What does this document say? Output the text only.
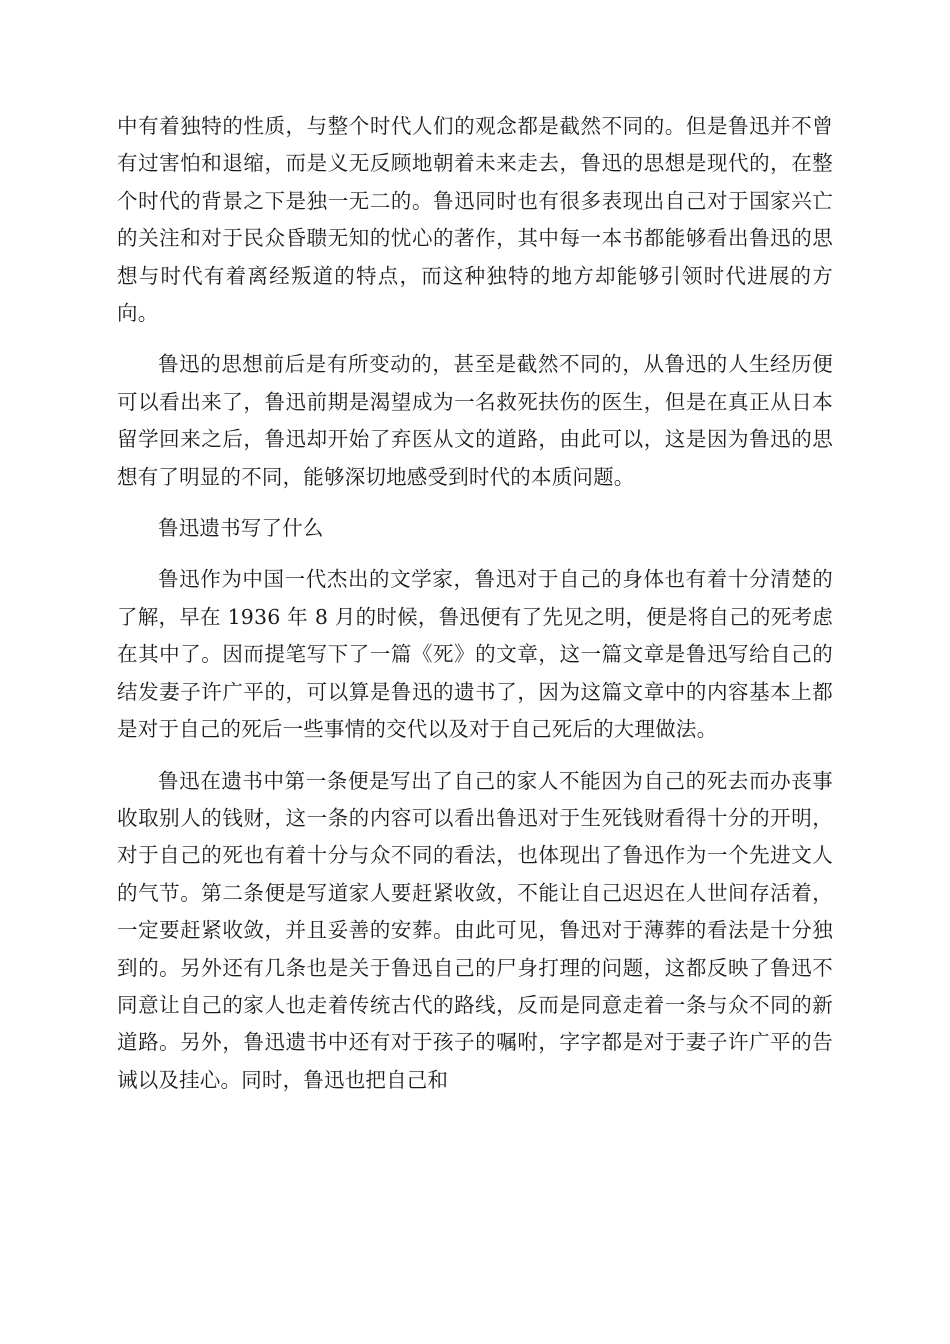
中有着独特的性质，与整个时代人们的观念都是截然不同的。但是鲁迅并不曾有过害怕和退缩，而是义无反顾地朝着未来走去，鲁迅的思想是现代的，在整个时代的背景之下是独一无二的。鲁迅同时也有很多表现出自己对于国家兴亡的关注和对于民众昏聩无知的忧心的著作，其中每一本书都能够看出鲁迅的思想与时代有着离经叛道的特点，而这种独特的地方却能够引领时代进展的方向。

鲁迅的思想前后是有所变动的，甚至是截然不同的，从鲁迅的人生经历便可以看出来了，鲁迅前期是渴望成为一名救死扶伤的医生，但是在真正从日本留学回来之后，鲁迅却开始了弃医从文的道路，由此可以，这是因为鲁迅的思想有了明显的不同，能够深切地感受到时代的本质问题。

鲁迅遗书写了什么

鲁迅作为中国一代杰出的文学家，鲁迅对于自己的身体也有着十分清楚的了解，早在 1936 年 8 月的时候，鲁迅便有了先见之明，便是将自己的死考虑在其中了。因而提笔写下了一篇《死》的文章，这一篇文章是鲁迅写给自己的结发妻子许广平的，可以算是鲁迅的遗书了，因为这篇文章中的内容基本上都是对于自己的死后一些事情的交代以及对于自己死后的大理做法。

鲁迅在遗书中第一条便是写出了自己的家人不能因为自己的死去而办丧事收取别人的钱财，这一条的内容可以看出鲁迅对于生死钱财看得十分的开明，对于自己的死也有着十分与众不同的看法，也体现出了鲁迅作为一个先进文人的气节。第二条便是写道家人要赶紧收敛，不能让自己迟迟在人世间存活着，一定要赶紧收敛，并且妥善的安葬。由此可见，鲁迅对于薄葬的看法是十分独到的。另外还有几条也是关于鲁迅自己的尸身打理的问题，这都反映了鲁迅不同意让自己的家人也走着传统古代的路线，反而是同意走着一条与众不同的新道路。另外，鲁迅遗书中还有对于孩子的嘱咐，字字都是对于妻子许广平的告诫以及挂心。同时，鲁迅也把自己和
